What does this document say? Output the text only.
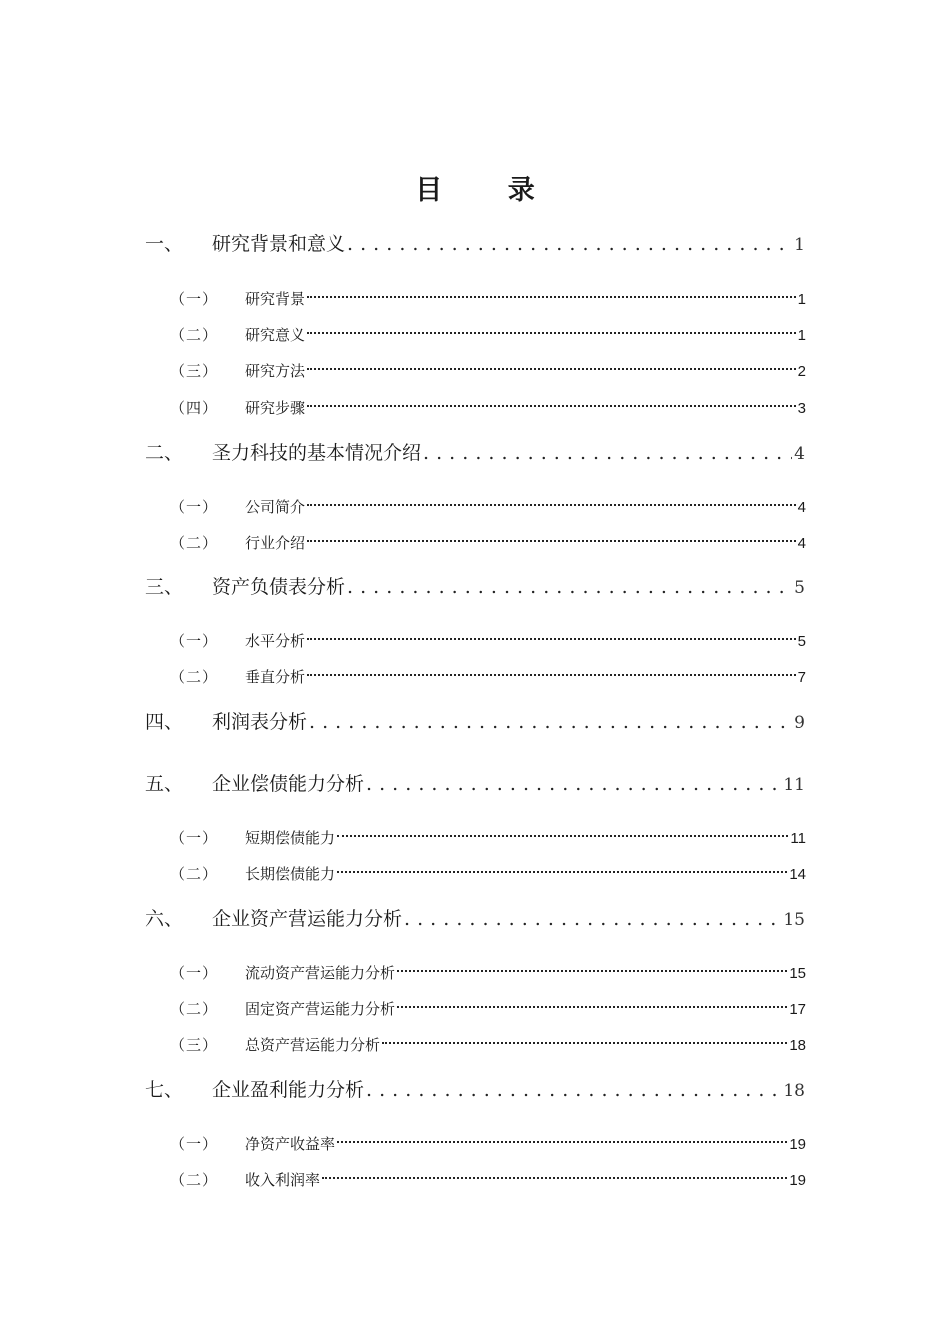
目 录
一、	研究背景和意义 . . .	1
（一）	研究背景	1
（二）	研究意义	1
（三）	研究方法	2
（四）	研究步骤	3
二、	圣力科技的基本情况介绍 . . .	4
（一）	公司简介	4
（二）	行业介绍	4
三、	资产负债表分析 . . .	5
（一）	水平分析	5
（二）	垂直分析	7
四、	利润表分析 . . .	9
五、	企业偿债能力分析 . . .	11
（一）	短期偿债能力	11
（二）	长期偿债能力	14
六、	企业资产营运能力分析 . . .	15
（一）	流动资产营运能力分析	15
（二）	固定资产营运能力分析	17
（三）	总资产营运能力分析	18
七、	企业盈利能力分析 . . .	18
（一）	净资产收益率	19
（二）	收入利润率	19
